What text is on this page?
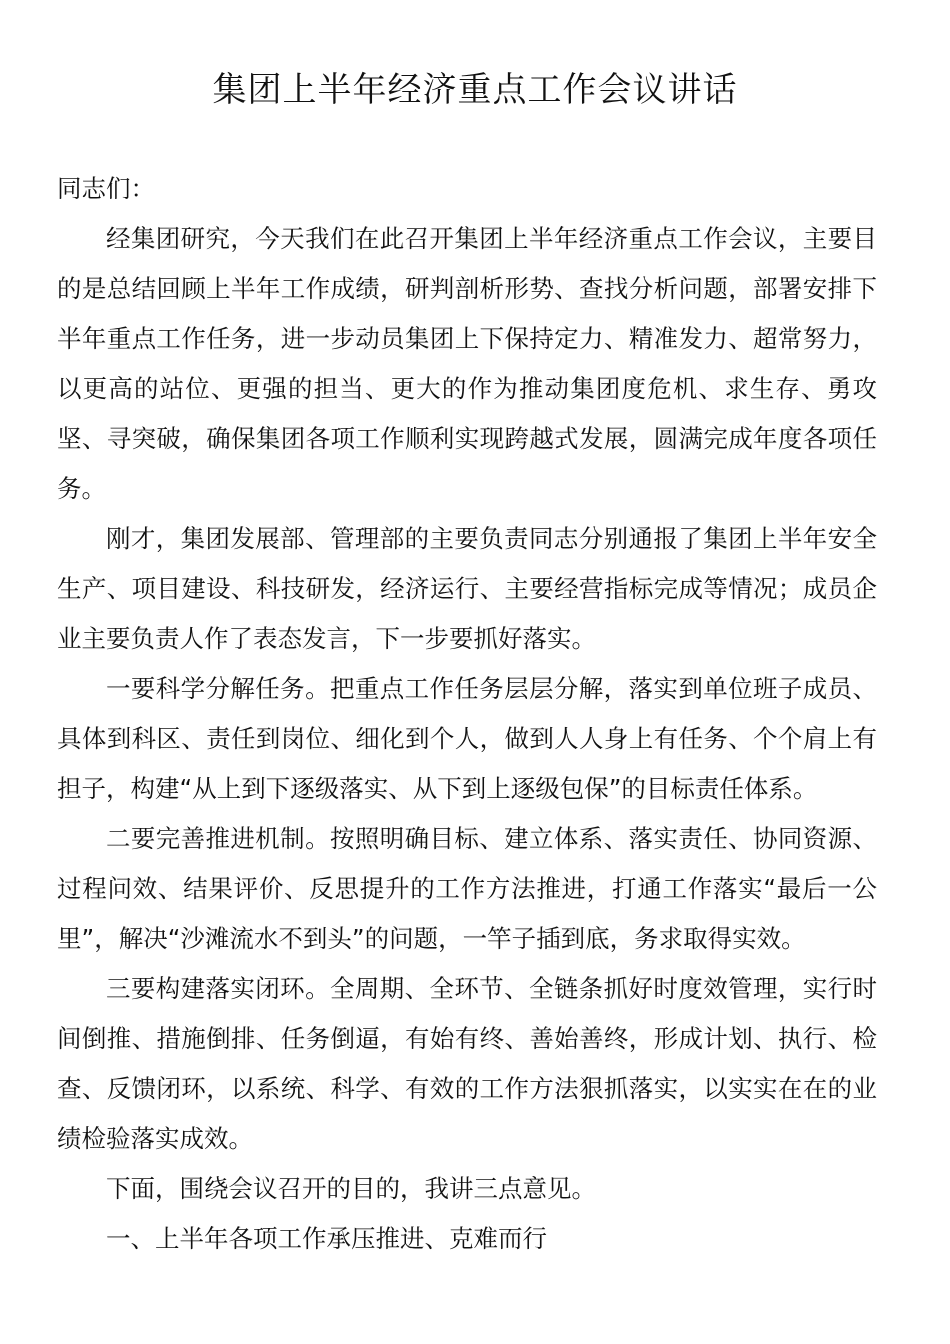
集团上半年经济重点工作会议讲话

同志们：

经集团研究，今天我们在此召开集团上半年经济重点工作会议，主要目的是总结回顾上半年工作成绩，研判剖析形势、查找分析问题，部署安排下半年重点工作任务，进一步动员集团上下保持定力、精准发力、超常努力，以更高的站位、更强的担当、更大的作为推动集团度危机、求生存、勇攻坚、寻突破，确保集团各项工作顺利实现跨越式发展，圆满完成年度各项任务。

刚才，集团发展部、管理部的主要负责同志分别通报了集团上半年安全生产、项目建设、科技研发，经济运行、主要经营指标完成等情况；成员企业主要负责人作了表态发言，下一步要抓好落实。

一要科学分解任务。把重点工作任务层层分解，落实到单位班子成员、具体到科区、责任到岗位、细化到个人，做到人人身上有任务、个个肩上有担子，构建“从上到下逐级落实、从下到上逐级包保”的目标责任体系。

二要完善推进机制。按照明确目标、建立体系、落实责任、协同资源、过程问效、结果评价、反思提升的工作方法推进，打通工作落实“最后一公里”，解决“沙滩流水不到头”的问题，一竿子插到底，务求取得实效。

三要构建落实闭环。全周期、全环节、全链条抓好时度效管理，实行时间倒推、措施倒排、任务倒逼，有始有终、善始善终，形成计划、执行、检查、反馈闭环，以系统、科学、有效的工作方法狠抓落实，以实实在在的业绩检验落实成效。

下面，围绕会议召开的目的，我讲三点意见。

一、上半年各项工作承压推进、克难而行
